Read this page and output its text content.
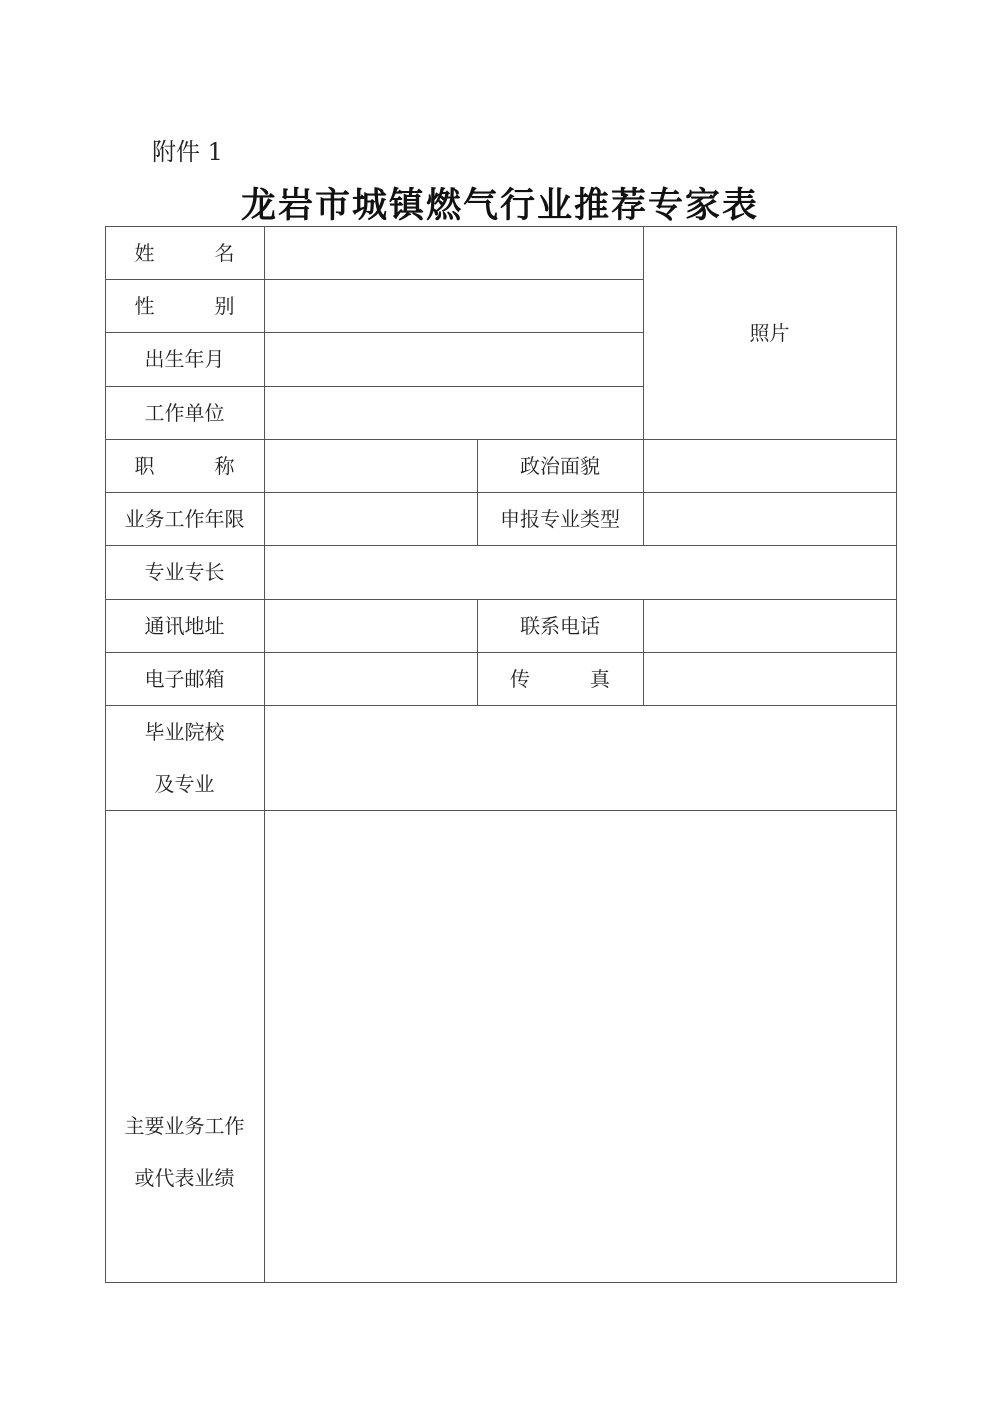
附件 1
龙岩市城镇燃气行业推荐专家表
姓　　　名
照片
性　　　别
出生年月
工作单位
职　　　称	政治面貌
业务工作年限	申报专业类型
专业专长
通讯地址	联系电话
电子邮箱	传　　　真
毕业院校
及专业
主要业务工作
或代表业绩
